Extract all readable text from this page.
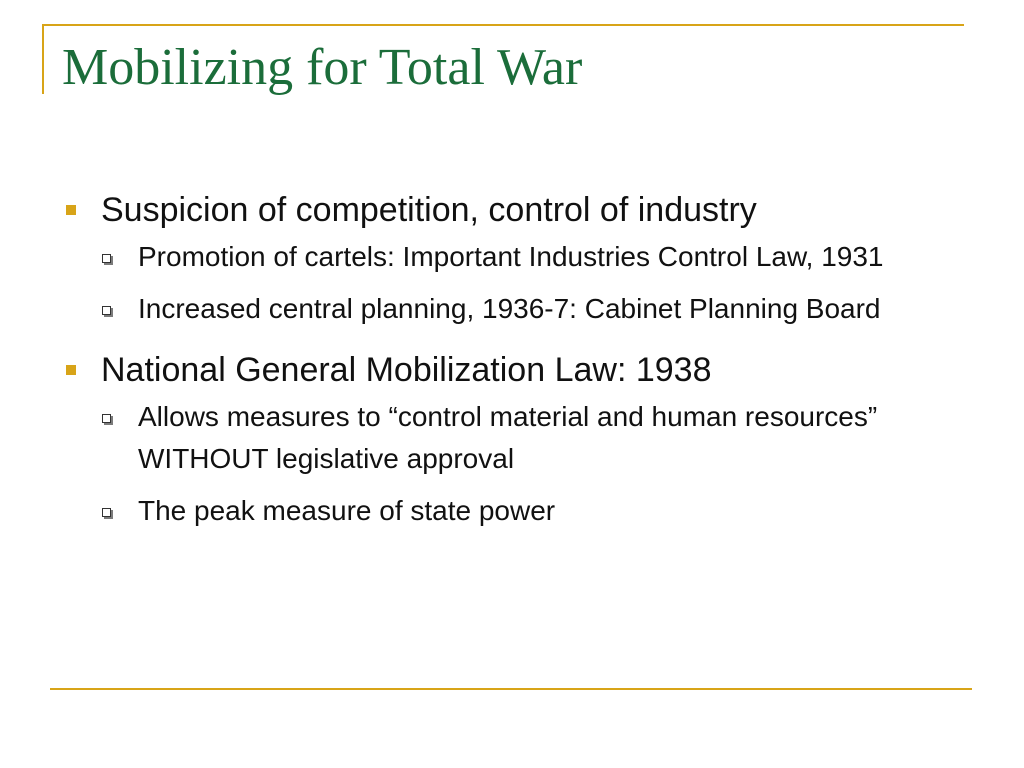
Mobilizing for Total War
Suspicion of competition, control of industry
Promotion of cartels: Important Industries Control Law, 1931
Increased central planning, 1936-7: Cabinet Planning Board
National General Mobilization Law: 1938
Allows measures to “control material and human resources” WITHOUT legislative approval
The peak measure of state power
